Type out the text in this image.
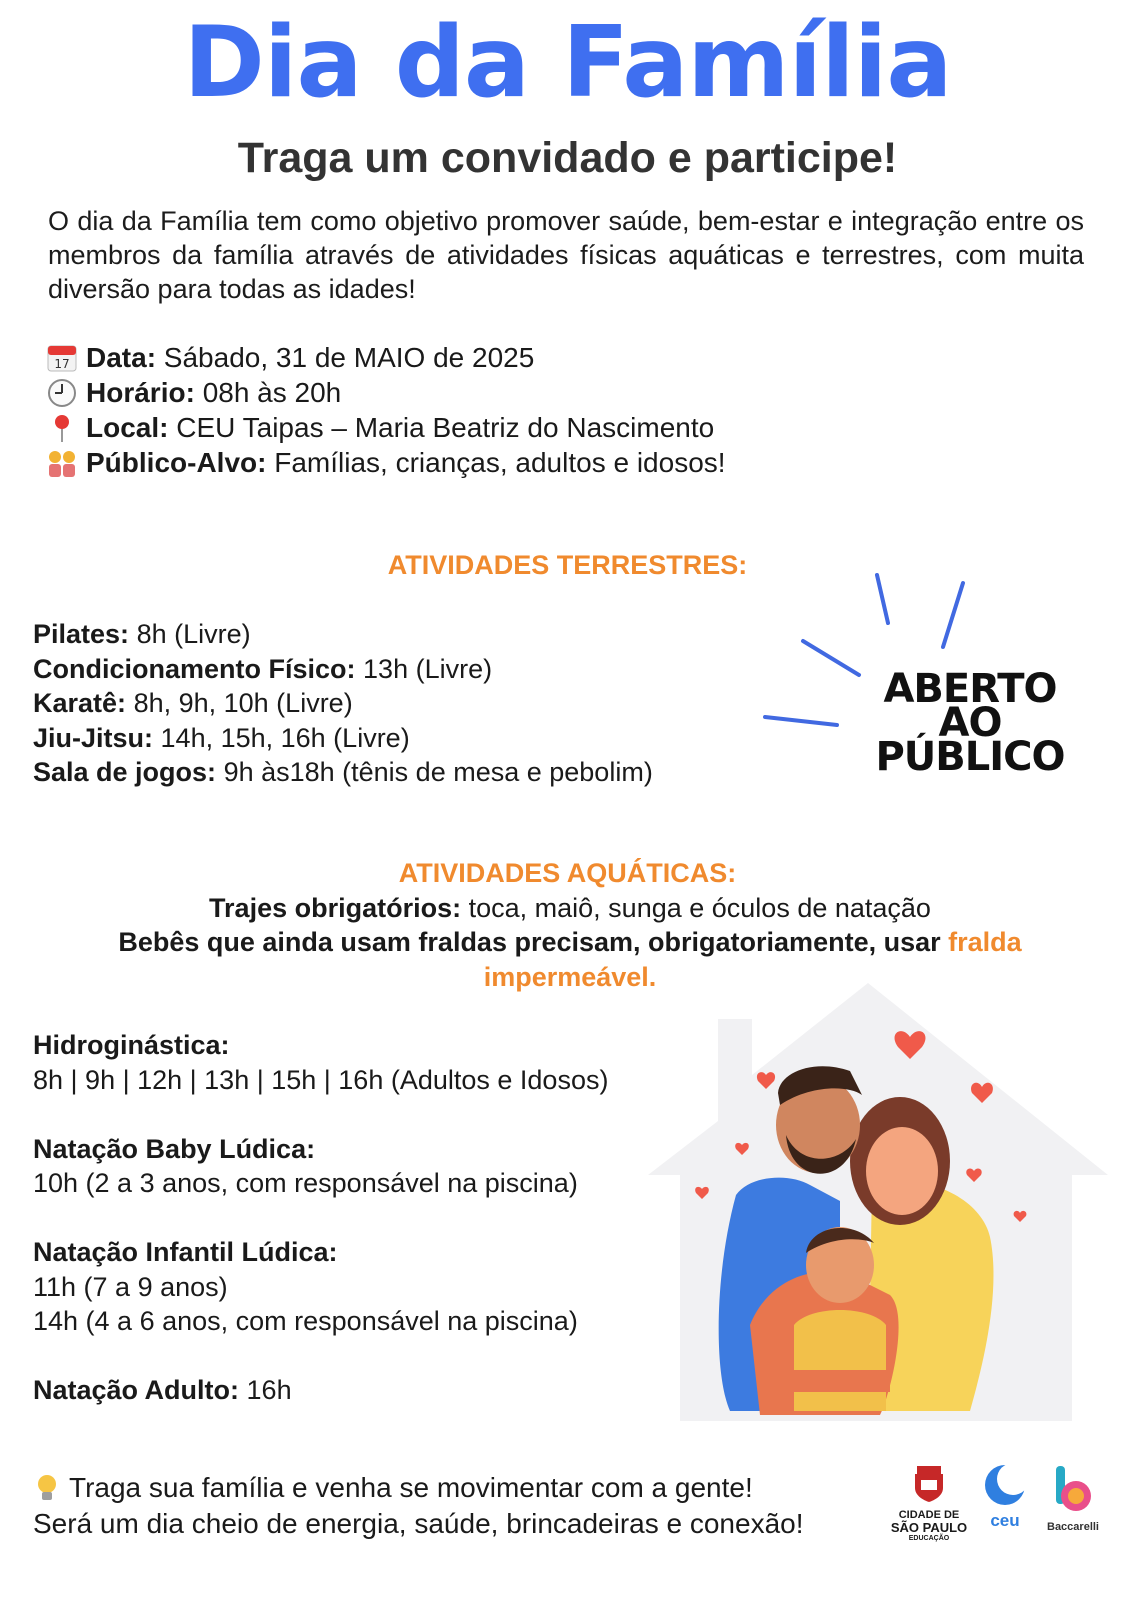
Dia da Família
Traga um convidado e participe!
O dia da Família tem como objetivo promover saúde, bem-estar e integração entre os membros da família através de atividades físicas aquáticas e terrestres, com muita diversão para todas as idades!
17 Data:
Sábado, 31 de MAIO de 2025
Horário:
08h às 20h
Local:
CEU Taipas – Maria Beatriz do Nascimento
Público-Alvo:
Famílias, crianças, adultos e idosos!
ATIVIDADES TERRESTRES:
Pilates: 8h (Livre)
Condicionamento Físico: 13h (Livre)
Karatê: 8h, 9h, 10h (Livre)
Jiu-Jitsu: 14h, 15h, 16h (Livre)
Sala de jogos: 9h às18h (tênis de mesa e pebolim)
ABERTO
AO
PÚBLICO
ATIVIDADES AQUÁTICAS:
Trajes obrigatórios: toca, maiô, sunga e óculos de natação
Bebês que ainda usam fraldas precisam, obrigatoriamente, usar fralda impermeável.
Hidroginástica:
8h | 9h | 12h | 13h | 15h | 16h (Adultos e Idosos)
Natação Baby Lúdica:
10h (2 a 3 anos, com responsável na piscina)
Natação Infantil Lúdica:
11h (7 a 9 anos)
14h (4 a 6 anos, com responsável na piscina)
Natação Adulto: 16h
Traga sua família e venha se movimentar com a gente!
Será um dia cheio de energia, saúde, brincadeiras e conexão!	CIDADE DE
SÃO PAULO
EDUCAÇÃO
ceu	Baccarelli
